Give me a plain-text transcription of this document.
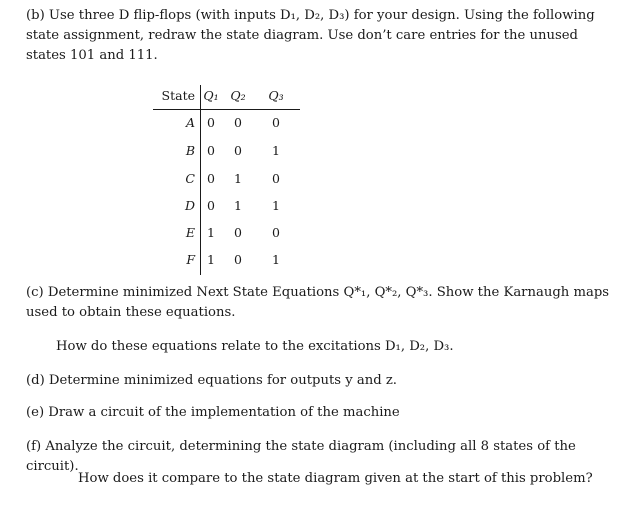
(b) Use three D flip-flops (with inputs D₁, D₂, D₃) for your design. Using the following state assignment, redraw the state diagram. Use don’t care entries for the unused states 101 and 111.
State Q₁ Q₂ Q₃
A 0	0	0
B 0	0	1
C 0	1	0
D 0	1	1
E 1	0	0
F 1	0	1
(c) Determine minimized Next State Equations Q*₁, Q*₂, Q*₃. Show the Karnaugh maps used to obtain these equations.
How do these equations relate to the excitations D₁, D₂, D₃.
(d) Determine minimized equations for outputs y and z.
(e) Draw a circuit of the implementation of the machine
(f) Analyze the circuit, determining the state diagram (including all 8 states of the circuit).
How does it compare to the state diagram given at the start of this problem?
